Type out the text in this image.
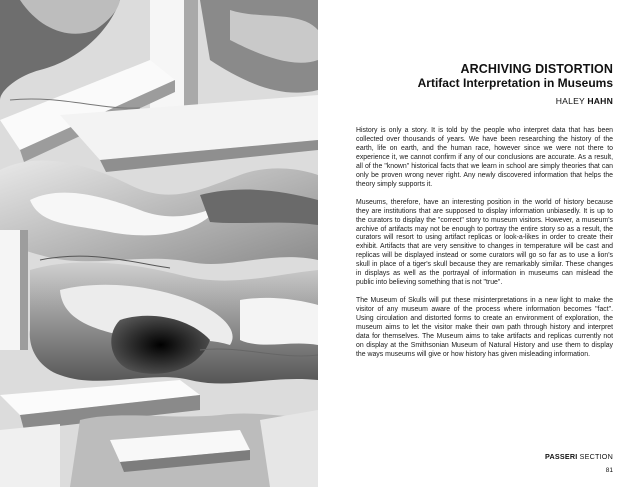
ARCHIVING DISTORTION
Artifact Interpretation in Museums
HALEY HAHN

History is only a story. It is told by the people who interpret data that has been collected over thousands of years. We have been researching the history of the earth, life on earth, and the human race, however since we were not there to experience it, we cannot confirm if any of our conclusions are accurate. As a result, all of the "known" historical facts that we learn in school are simply theories that can only be proven wrong never right. Any newly discovered information that helps the theory simply supports it.

Museums, therefore, have an interesting position in the world of history because they are institutions that are supposed to display information unbiasedly. It is up to the curators to display the "correct" story to museum visitors. However, a museum's archive of artifacts may not be enough to portray the entire story so as a result, the curators will resort to using artifact replicas or look-a-likes in order to create their exhibit. Artifacts that are very sensitive to changes in temperature will be cast and replicas will be displayed instead or some curators will go so far as to use a lion's skull in place of a tiger's skull because they are remarkably similar. These changes in displays as well as the portrayal of information in museums can mislead the public into believing something that is not "true".

The Museum of Skulls will put these misinterpretations in a new light to make the visitor of any museum aware of the process where information becomes "fact". Using circulation and distorted forms to create an environment of exploration, the museum aims to let the visitor make their own path through history and interpret data for themselves. The Museum aims to take artifacts and replicas currently not on display at the Smithsonian Museum of Natural History and use them to display the ways museums will give or how history has given misleading information.

PASSERI SECTION
81
